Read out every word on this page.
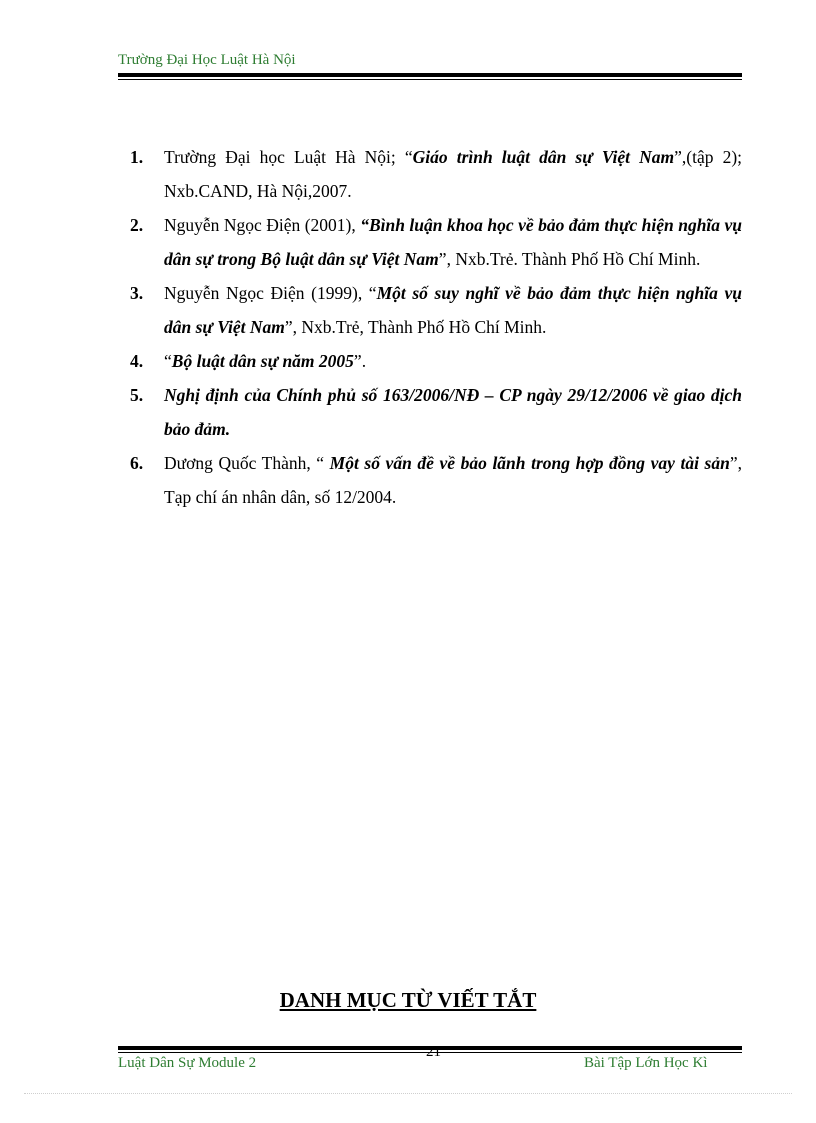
Trường Đại Học Luật Hà Nội
1.	Trường Đại học Luật Hà Nội; “Giáo trình luật dân sự Việt Nam”,(tập 2); Nxb.CAND, Hà Nội,2007.
2.	Nguyễn Ngọc Điện (2001), “Bình luận khoa học về bảo đảm thực hiện nghĩa vụ dân sự trong Bộ luật dân sự Việt Nam”, Nxb.Trẻ. Thành Phố Hồ Chí Minh.
3.	Nguyễn Ngọc Điện (1999), “Một số suy nghĩ về bảo đảm thực hiện nghĩa vụ dân sự Việt Nam”, Nxb.Trẻ, Thành Phố Hồ Chí Minh.
4.	“Bộ luật dân sự năm 2005”.
5.	Nghị định của Chính phủ số 163/2006/NĐ – CP ngày 29/12/2006 về giao dịch bảo đảm.
6.	Dương Quốc Thành, “ Một số vấn đề về bảo lãnh trong hợp đồng vay tài sản”, Tạp chí án nhân dân, số 12/2004.
DANH MỤC TỪ VIẾT TẮT
Luật Dân Sự Module 2
21
Bài Tập Lớn Học Kì
